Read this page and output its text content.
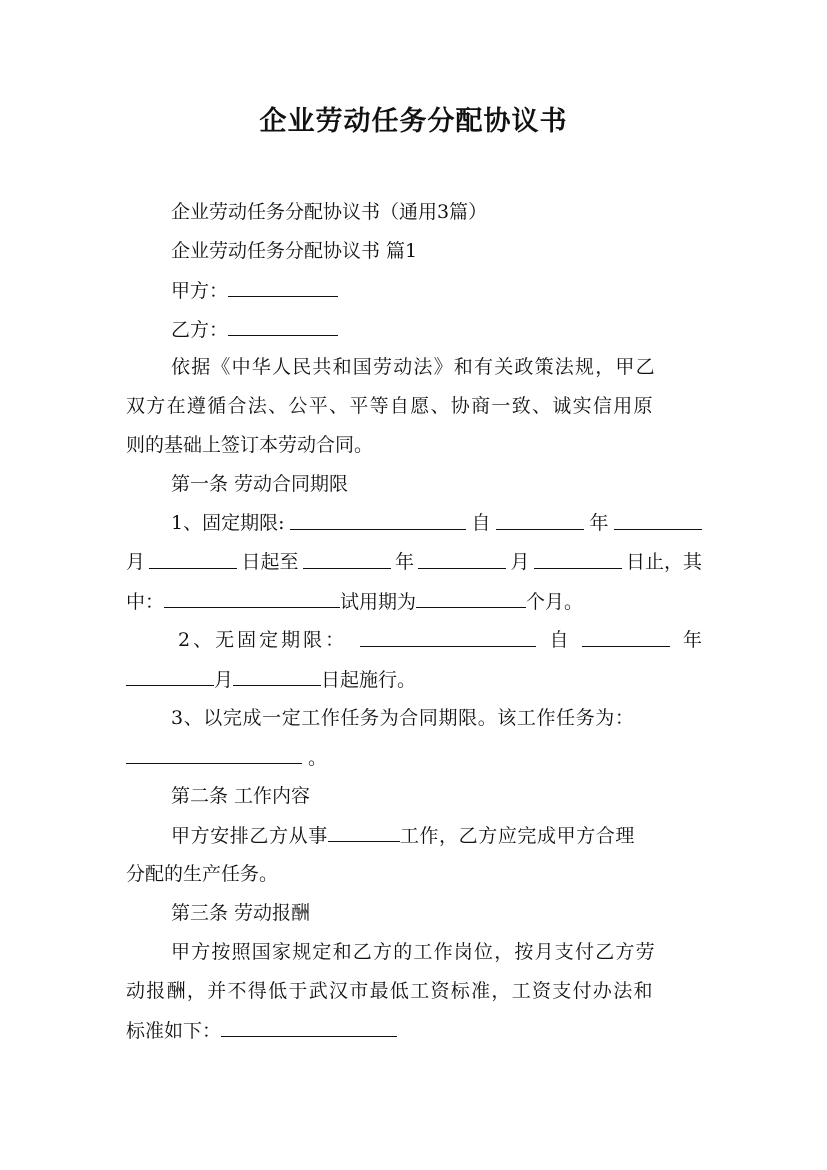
企业劳动任务分配协议书
企业劳动任务分配协议书（通用3篇）
企业劳动任务分配协议书 篇1
甲方：
乙方：
依据《中华人民共和国劳动法》和有关政策法规，甲乙
双方在遵循合法、公平、平等自愿、协商一致、诚实信用原
则的基础上签订本劳动合同。
第一条 劳动合同期限
1、固定期限:	自	年
月	日起至	年	月	日止，其
中：	试用期为	个月。
2、无固定期限：	自	年
月	日起施行。
3、以完成一定工作任务为合同期限。该工作任务为：
。
第二条 工作内容
甲方安排乙方从事	工作，乙方应完成甲方合理
分配的生产任务。
第三条 劳动报酬
甲方按照国家规定和乙方的工作岗位，按月支付乙方劳
动报酬，并不得低于武汉市最低工资标准，工资支付办法和
标准如下：
